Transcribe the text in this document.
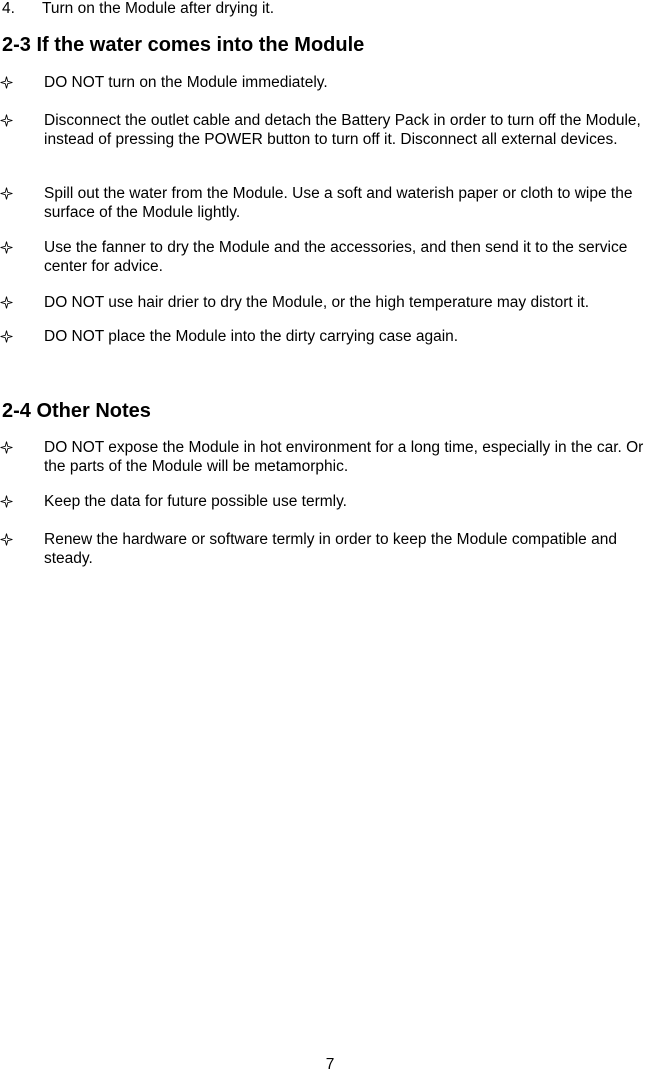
4. Turn on the Module after drying it.
2-3 If the water comes into the Module
DO NOT turn on the Module immediately.
Disconnect the outlet cable and detach the Battery Pack in order to turn off the Module, instead of pressing the POWER button to turn off it. Disconnect all external devices.
Spill out the water from the Module. Use a soft and waterish paper or cloth to wipe the surface of the Module lightly.
Use the fanner to dry the Module and the accessories, and then send it to the service center for advice.
DO NOT use hair drier to dry the Module, or the high temperature may distort it.
DO NOT place the Module into the dirty carrying case again.
2-4 Other Notes
DO NOT expose the Module in hot environment for a long time, especially in the car. Or the parts of the Module will be metamorphic.
Keep the data for future possible use termly.
Renew the hardware or software termly in order to keep the Module compatible and steady.
7
